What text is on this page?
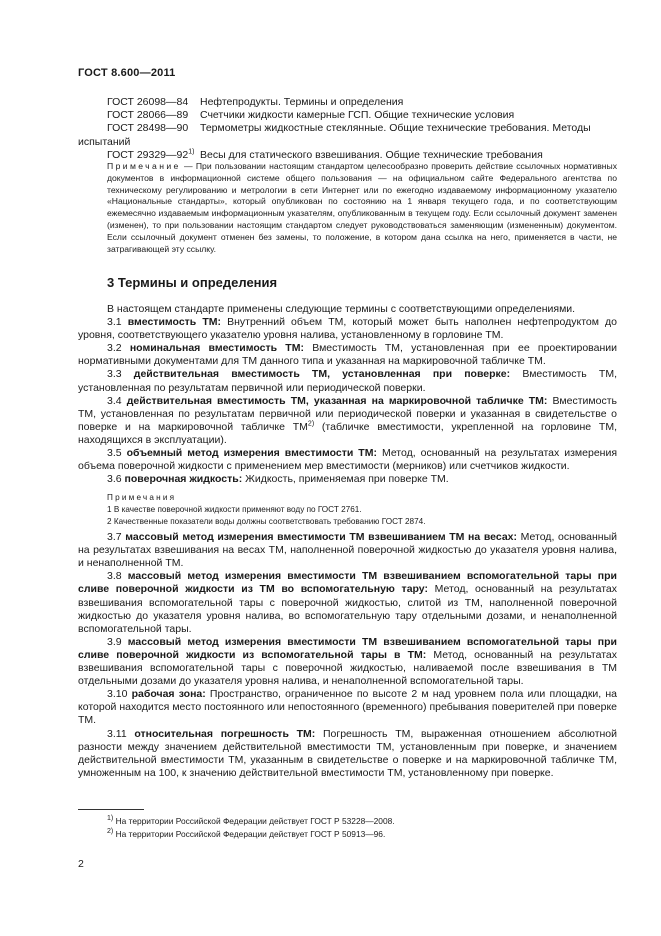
ГОСТ 8.600—2011
ГОСТ 26098—84 Нефтепродукты. Термины и определения
ГОСТ 28066—89 Счетчики жидкости камерные ГСП. Общие технические условия
ГОСТ 28498—90 Термометры жидкостные стеклянные. Общие технические требования. Методы
испытаний
ГОСТ 29329—92$^{1)}$ Весы для статического взвешивания. Общие технические требования

Примечание — При пользовании настоящим стандартом целесообразно проверить действие ссылочных нормативных документов в информационной системе общего пользования — на официальном сайте Федерального агентства по техническому регулированию и метрологии в сети Интернет или по ежегодно издаваемому информационному указателю «Национальные стандарты», который опубликован по состоянию на 1 января текущего года, и по соответствующим ежемесячно издаваемым информационным указателям, опубликованным в текущем году. Если ссылочный документ заменен (изменен), то при пользовании настоящим стандартом следует руководствоваться заменяющим (измененным) документом. Если ссылочный документ отменен без замены, то положение, в котором дана ссылка на него, применяется в части, не затрагивающей эту ссылку.

3 Термины и определения

В настоящем стандарте применены следующие термины с соответствующими определениями.

3.1 вместимость ТМ: Внутренний объем ТМ, который может быть наполнен нефтепродуктом до уровня, соответствующего указателю уровня налива, установленному в горловине ТМ.

3.2 номинальная вместимость ТМ: Вместимость ТМ, установленная при ее проектировании нормативными документами для ТМ данного типа и указанная на маркировочной табличке ТМ.

3.3 действительная вместимость ТМ, установленная при поверке: Вместимость ТМ, установленная по результатам первичной или периодической поверки.

3.4 действительная вместимость ТМ, указанная на маркировочной табличке ТМ: Вместимость ТМ, установленная по результатам первичной или периодической поверки и указанная в свидетельстве о поверке и на маркировочной табличке ТМ$^{2)}$ (табличке вместимости, укрепленной на горловине ТМ, находящихся в эксплуатации).

3.5 объемный метод измерения вместимости ТМ: Метод, основанный на результатах измерения объема поверочной жидкости с применением мер вместимости (мерников) или счетчиков жидкости.

3.6 поверочная жидкость: Жидкость, применяемая при поверке ТМ.

Примечания
1 В качестве поверочной жидкости применяют воду по ГОСТ 2761.
2 Качественные показатели воды должны соответствовать требованию ГОСТ 2874.

3.7 массовый метод измерения вместимости ТМ взвешиванием ТМ на весах: Метод, основанный на результатах взвешивания на весах ТМ, наполненной поверочной жидкостью до указателя уровня налива, и ненаполненной ТМ.

3.8 массовый метод измерения вместимости ТМ взвешиванием вспомогательной тары при сливе поверочной жидкости из ТМ во вспомогательную тару: Метод, основанный на результатах взвешивания вспомогательной тары с поверочной жидкостью, слитой из ТМ, наполненной поверочной жидкостью до указателя уровня налива, во вспомогательную тару отдельными дозами, и ненаполненной вспомогательной тары.

3.9 массовый метод измерения вместимости ТМ взвешиванием вспомогательной тары при сливе поверочной жидкости из вспомогательной тары в ТМ: Метод, основанный на результатах взвешивания вспомогательной тары с поверочной жидкостью, наливаемой после взвешивания в ТМ отдельными дозами до указателя уровня налива, и ненаполненной вспомогательной тары.

3.10 рабочая зона: Пространство, ограниченное по высоте 2 м над уровнем пола или площадки, на которой находится место постоянного или непостоянного (временного) пребывания поверителей при поверке ТМ.

3.11 относительная погрешность ТМ: Погрешность ТМ, выраженная отношением абсолютной разности между значением действительной вместимости ТМ, установленным при поверке, и значением действительной вместимости ТМ, указанным в свидетельстве о поверке и на маркировочной табличке ТМ, умноженным на 100, к значению действительной вместимости ТМ, установленному при поверке.

$^{1)}$ На территории Российской Федерации действует ГОСТ Р 53228—2008.
$^{2)}$ На территории Российской Федерации действует ГОСТ Р 50913—96.
2
